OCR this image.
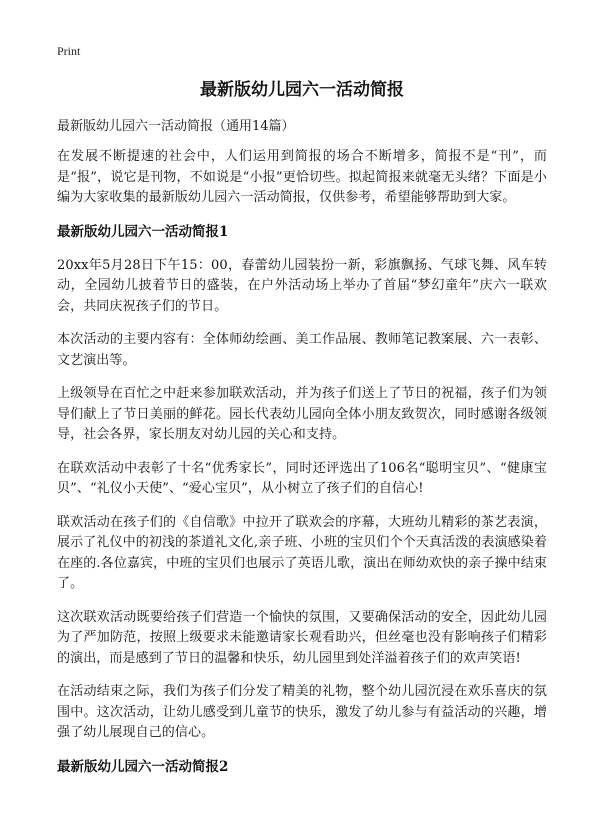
Print
最新版幼儿园六一活动简报

最新版幼儿园六一活动简报（通用14篇）

在发展不断提速的社会中，人们运用到简报的场合不断增多，简报不是“刊”，而是“报”，说它是刊物，不如说是“小报”更恰切些。拟起简报来就毫无头绪？下面是小编为大家收集的最新版幼儿园六一活动简报，仅供参考，希望能够帮助到大家。

最新版幼儿园六一活动简报1

20xx年5月28日下午15：00，春蕾幼儿园装扮一新，彩旗飘扬、气球飞舞、风车转动，全园幼儿披着节日的盛装，在户外活动场上举办了首届“梦幻童年”庆六一联欢会，共同庆祝孩子们的节日。

本次活动的主要内容有：全体师幼绘画、美工作品展、教师笔记教案展、六一表彰、文艺演出等。

上级领导在百忙之中赶来参加联欢活动，并为孩子们送上了节日的祝福，孩子们为领导们献上了节日美丽的鲜花。园长代表幼儿园向全体小朋友致贺次，同时感谢各级领导，社会各界，家长朋友对幼儿园的关心和支持。

在联欢活动中表彰了十名“优秀家长”，同时还评选出了106名“聪明宝贝”、“健康宝贝”、“礼仪小天使”、“爱心宝贝”，从小树立了孩子们的自信心!

联欢活动在孩子们的《自信歌》中拉开了联欢会的序幕，大班幼儿精彩的茶艺表演，展示了礼仪中的初浅的茶道礼文化,亲子班、小班的宝贝们个个天真活泼的表演感染着在座的.各位嘉宾，中班的宝贝们也展示了英语儿歌，演出在师幼欢快的亲子操中结束了。

这次联欢活动既要给孩子们营造一个愉快的氛围，又要确保活动的安全，因此幼儿园为了严加防范，按照上级要求未能邀请家长观看助兴，但丝毫也没有影响孩子们精彩的演出，而是感到了节日的温馨和快乐，幼儿园里到处洋溢着孩子们的欢声笑语!

在活动结束之际，我们为孩子们分发了精美的礼物，整个幼儿园沉浸在欢乐喜庆的氛围中。这次活动，让幼儿感受到儿童节的快乐，激发了幼儿参与有益活动的兴趣，增强了幼儿展现自己的信心。

最新版幼儿园六一活动简报2
